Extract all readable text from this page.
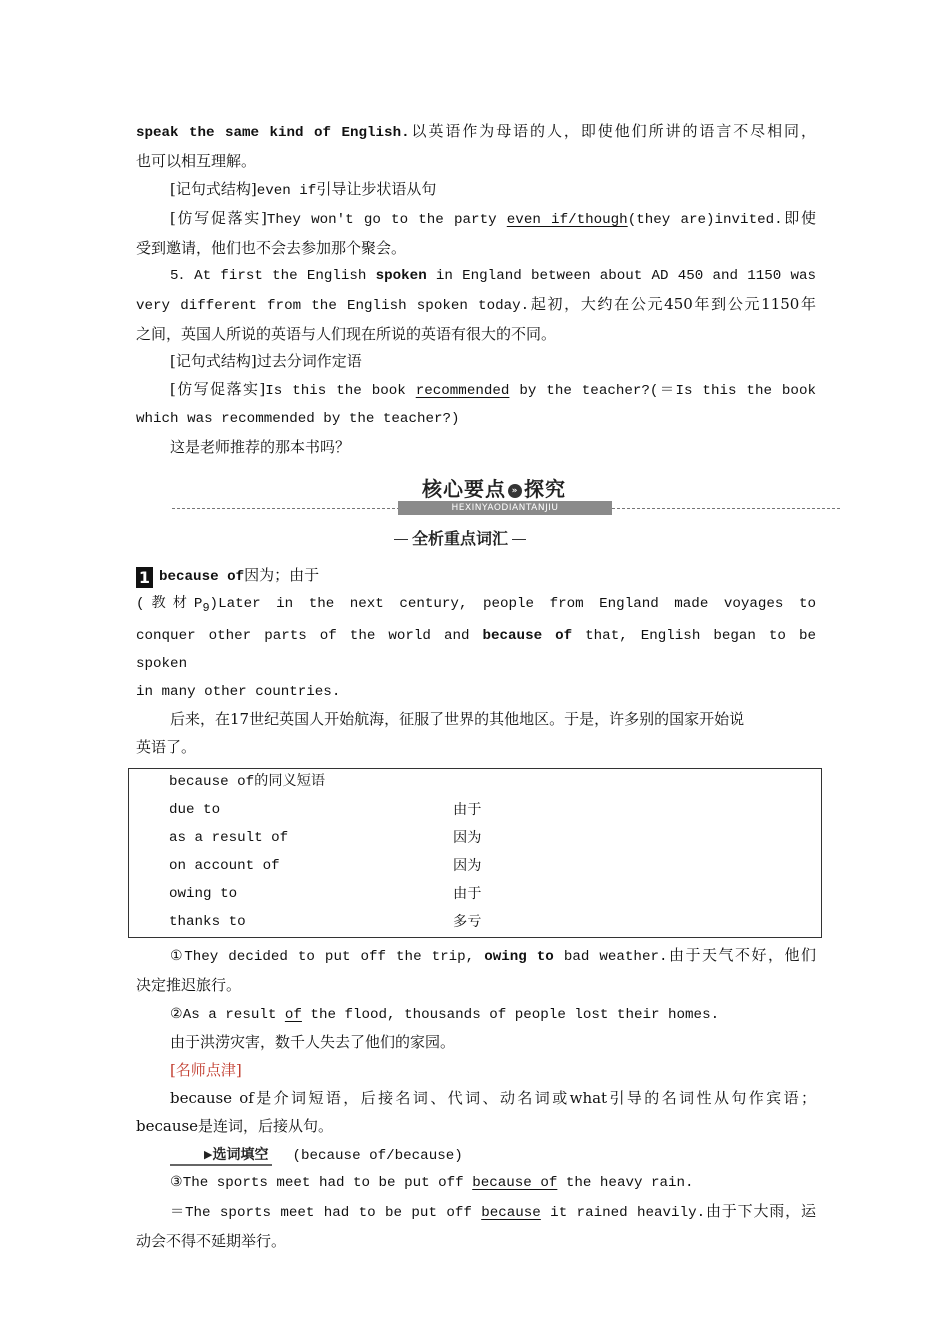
speak the same kind of English.以英语作为母语的人，即使他们所讲的语言不尽相同，

也可以相互理解。

[记句式结构]even if引导让步状语从句

[仿写促落实]They won't go to the party even if/though(they are)invited.即使

受到邀请，他们也不会去参加那个聚会。

5．At first the English spoken in England between about AD 450 and 1150 was

very different from the English spoken today.起初，大约在公元450年到公元1150年

之间，英国人所说的英语与人们现在所说的英语有很大的不同。

[记句式结构]过去分词作定语

[仿写促落实]Is this the book recommended by the teacher?(＝Is this the book

which was recommended by the teacher?)

这是老师推荐的那本书吗？

核心要点 » 探究
HEXINYAODIANTANJIU
全析重点词汇

1 because of因为；由于

(教材$P_9)Later$ in the next century, people from England made voyages to

conquer other parts of the world and because of that, English began to be spoken

in many other countries.

后来，在17世纪英国人开始航海，征服了世界的其他地区。于是，许多别的国家开始说

英语了。

because of的同义短语	
due to	由于
as a result of	因为
on account of	因为
owing to	由于
thanks to	多亏

①They decided to put off the trip, owing to bad weather.由于天气不好，他们

决定推迟旅行。

②As a result of the flood, thousands of people lost their homes.

由于洪涝灾害，数千人失去了他们的家园。

[名师点津]

because of是介词短语，后接名词、代词、动名词或what引导的名词性从句作宾语；

because是连词，后接从句。

▶选词填空 (because of/because)

③The sports meet had to be put off because of the heavy rain.

＝The sports meet had to be put off because it rained heavily.由于下大雨，运

动会不得不延期举行。
